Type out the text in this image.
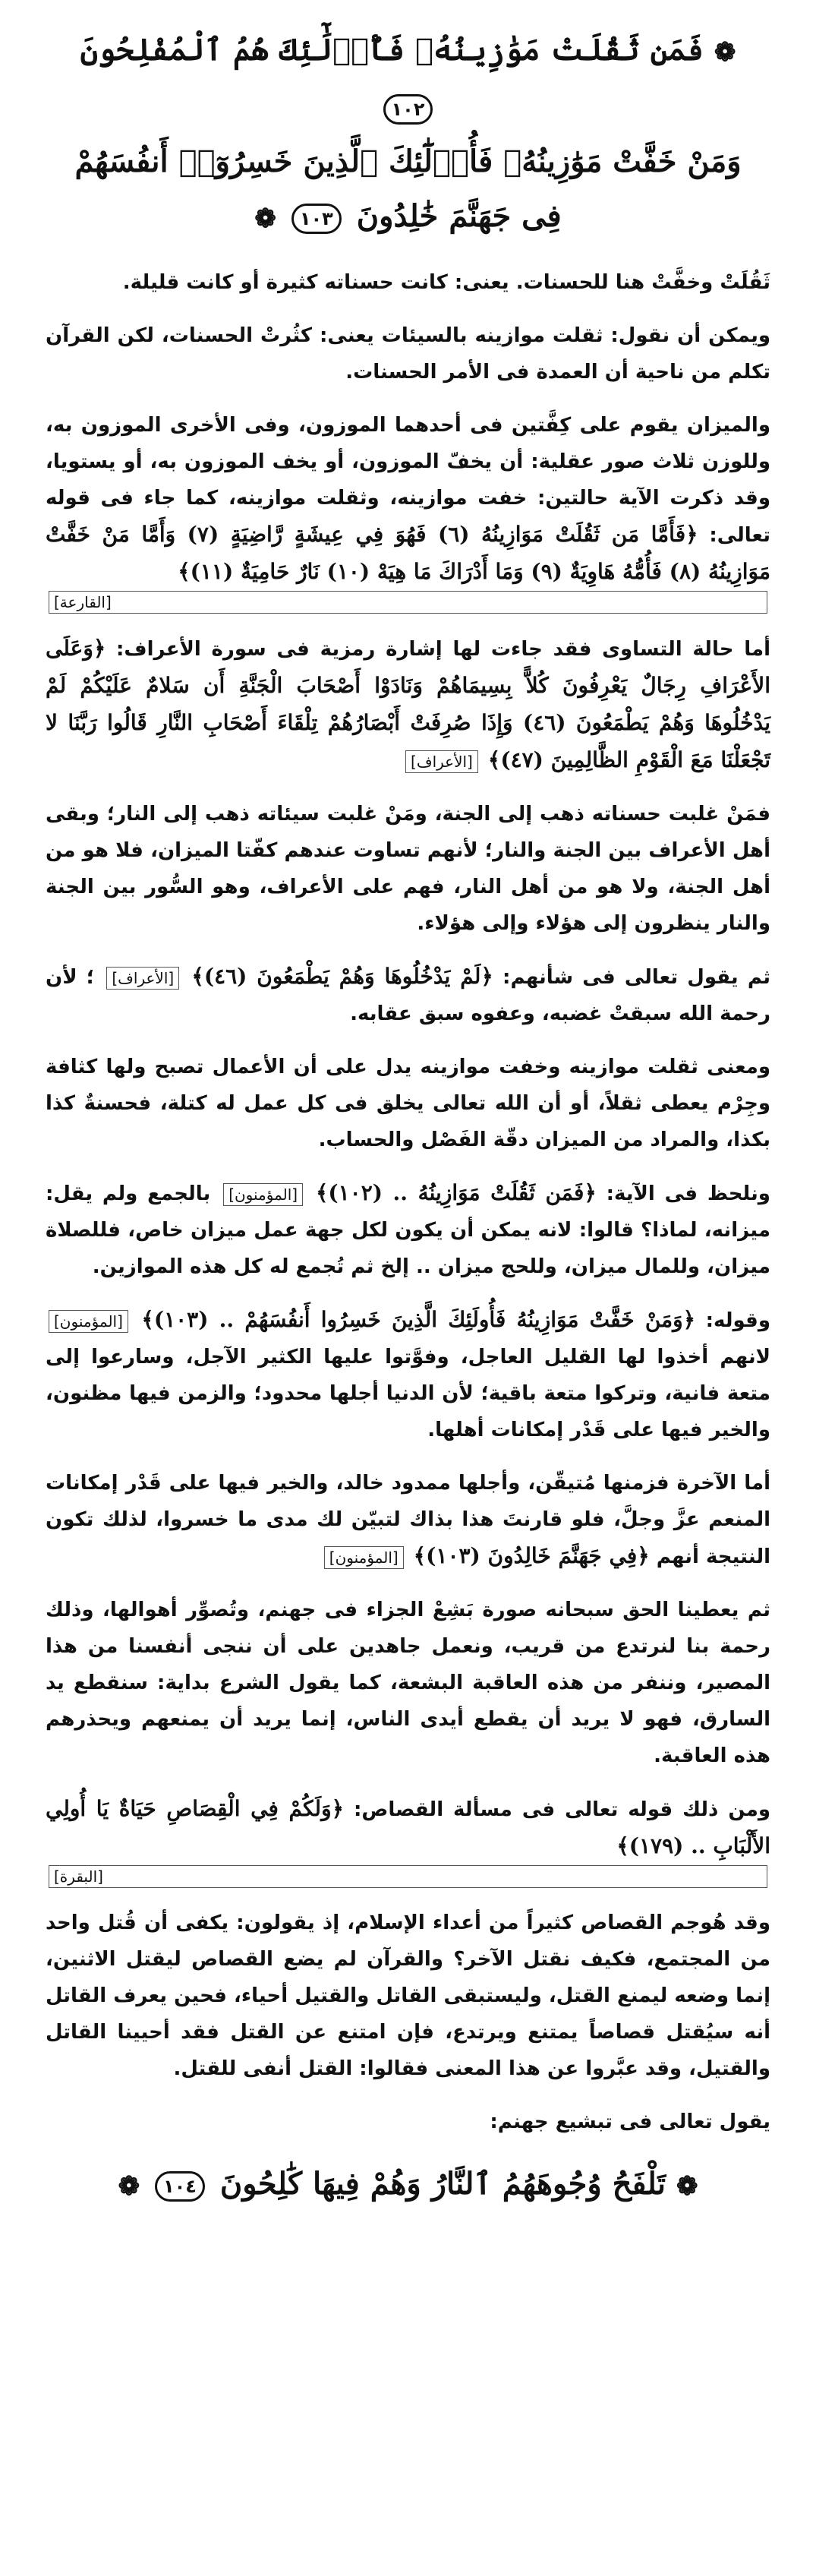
❁ فَمَن ثَقُلَتْ مَوَٰزِينُهُۥ فَأُو۟لَٰٓئِكَ هُمُ ٱلْمُفْلِحُونَ ١٠٢
وَمَنْ خَفَّتْ مَوَٰزِينُهُۥ فَأُو۟لَٰٓئِكَ ٱلَّذِينَ خَسِرُوٓا۟ أَنفُسَهُمْ
فِى جَهَنَّمَ خَٰلِدُونَ ١٠٣ ❁

ثَقُلَتْ وخفَّتْ هنا للحسنات. يعنى: كانت حسناته كثيرة أو كانت قليلة.

ويمكن أن نقول: ثقلت موازينه بالسيئات يعنى: كثُرتْ الحسنات، لكن القرآن تكلم من ناحية أن العمدة فى الأمر الحسنات.

والميزان يقوم على كِفَّتين فى أحدهما الموزون، وفى الأخرى الموزون به، وللوزن ثلاث صور عقلية: أن يخفّ الموزون، أو يخف الموزون به، أو يستويا، وقد ذكرت الآية حالتين: خفت موازينه، وثقلت موازينه، كما جاء فى قوله تعالى: ﴿فَأَمَّا مَن ثَقُلَتْ مَوَازِينُهُ (٦) فَهُوَ فِي عِيشَةٍ رَّاضِيَةٍ (٧) وَأَمَّا مَنْ خَفَّتْ مَوَازِينُهُ (٨) فَأُمُّهُ هَاوِيَةٌ (٩) وَمَا أَدْرَاكَ مَا هِيَهْ (١٠) نَارٌ حَامِيَةٌ (١١)﴾
[القارعة]

أما حالة التساوى فقد جاءت لها إشارة رمزية فى سورة الأعراف: ﴿وَعَلَى الأَعْرَافِ رِجَالٌ يَعْرِفُونَ كُلاًّ بِسِيمَاهُمْ وَنَادَوْا أَصْحَابَ الْجَنَّةِ أَن سَلامٌ عَلَيْكُمْ لَمْ يَدْخُلُوهَا وَهُمْ يَطْمَعُونَ (٤٦) وَإِذَا صُرِفَتْ أَبْصَارُهُمْ تِلْقَاءَ أَصْحَابِ النَّارِ قَالُوا رَبَّنَا لا تَجْعَلْنَا مَعَ الْقَوْمِ الظَّالِمِينَ (٤٧)﴾ [الأعراف]

فمَنْ غلبت حسناته ذهب إلى الجنة، ومَنْ غلبت سيئاته ذهب إلى النار؛ وبقى أهل الأعراف بين الجنة والنار؛ لأنهم تساوت عندهم كفّتا الميزان، فلا هو من أهل الجنة، ولا هو من أهل النار، فهم على الأعراف، وهو السُّور بين الجنة والنار ينظرون إلى هؤلاء وإلى هؤلاء.

ثم يقول تعالى فى شأنهم: ﴿لَمْ يَدْخُلُوهَا وَهُمْ يَطْمَعُونَ (٤٦)﴾ [الأعراف] ؛ لأن رحمة الله سبقتْ غضبه، وعفوه سبق عقابه.

ومعنى ثقلت موازينه وخفت موازينه يدل على أن الأعمال تصبح ولها كثافة وجِرْم يعطى ثقلاً، أو أن الله تعالى يخلق فى كل عمل له كتلة، فحسنةٌ كذا بكذا، والمراد من الميزان دقّة الفَصْل والحساب.

ونلحظ فى الآية: ﴿فَمَن ثَقُلَتْ مَوَازِينُهُ .. (١٠٢)﴾ [المؤمنون] بالجمع ولم يقل: ميزانه، لماذا؟ قالوا: لانه يمكن أن يكون لكل جهة عمل ميزان خاص، فللصلاة ميزان، وللمال ميزان، وللحج ميزان .. إلخ ثم تُجمع له كل هذه الموازين.

وقوله: ﴿وَمَنْ خَفَّتْ مَوَازِينُهُ فَأُولَئِكَ الَّذِينَ خَسِرُوا أَنفُسَهُمْ .. (١٠٣)﴾ [المؤمنون] لانهم أخذوا لها القليل العاجل، وفوَّتوا عليها الكثير الآجل، وسارعوا إلى متعة فانية، وتركوا متعة باقية؛ لأن الدنيا أجلها محدود؛ والزمن فيها مظنون، والخير فيها على قَدْر إمكانات أهلها.

أما الآخرة فزمنها مُتيقّن، وأجلها ممدود خالد، والخير فيها على قَدْر إمكانات المنعم عزَّ وجلَّ، فلو قارنتَ هذا بذاك لتبيّن لك مدى ما خسروا، لذلك تكون النتيجة أنهم ﴿فِي جَهَنَّمَ خَالِدُونَ (١٠٣)﴾ [المؤمنون]

ثم يعطينا الحق سبحانه صورة بَشِعْ الجزاء فى جهنم، وتُصوِّر أهوالها، وذلك رحمة بنا لنرتدع من قريب، ونعمل جاهدين على أن ننجى أنفسنا من هذا المصير، وننفر من هذه العاقبة البشعة، كما يقول الشرع بداية: سنقطع يد السارق، فهو لا يريد أن يقطع أيدى الناس، إنما يريد أن يمنعهم ويحذرهم هذه العاقبة.

ومن ذلك قوله تعالى فى مسألة القصاص: ﴿وَلَكُمْ فِي الْقِصَاصِ حَيَاةٌ يَا أُولِي الأَلْبَابِ .. (١٧٩)﴾
[البقرة]

وقد هُوجم القصاص كثيراً من أعداء الإسلام، إذ يقولون: يكفى أن قُتل واحد من المجتمع، فكيف نقتل الآخر؟ والقرآن لم يضع القصاص ليقتل الاثنين، إنما وضعه ليمنع القتل، وليستبقى القاتل والقتيل أحياء، فحين يعرف القاتل أنه سيُقتل قصاصاً يمتنع ويرتدع، فإن امتنع عن القتل فقد أحيينا القاتل والقتيل، وقد عبَّروا عن هذا المعنى فقالوا: القتل أنفى للقتل.

يقول تعالى فى تبشيع جهنم:

❁ تَلْفَحُ وُجُوهَهُمُ ٱلنَّارُ وَهُمْ فِيهَا كَٰلِحُونَ ١٠٤ ❁
